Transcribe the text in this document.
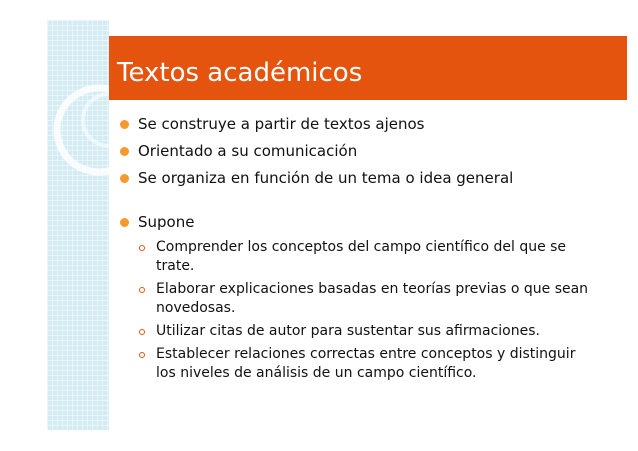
Textos académicos
Se construye a partir de textos ajenos
Orientado a su comunicación
Se organiza en función de un tema o idea general
Supone
Comprender los conceptos del campo científico del que se trate.
Elaborar explicaciones basadas en teorías previas o que sean novedosas.
Utilizar citas de autor para sustentar sus afirmaciones.
Establecer relaciones correctas entre conceptos y distinguir los niveles de análisis de un campo científico.
